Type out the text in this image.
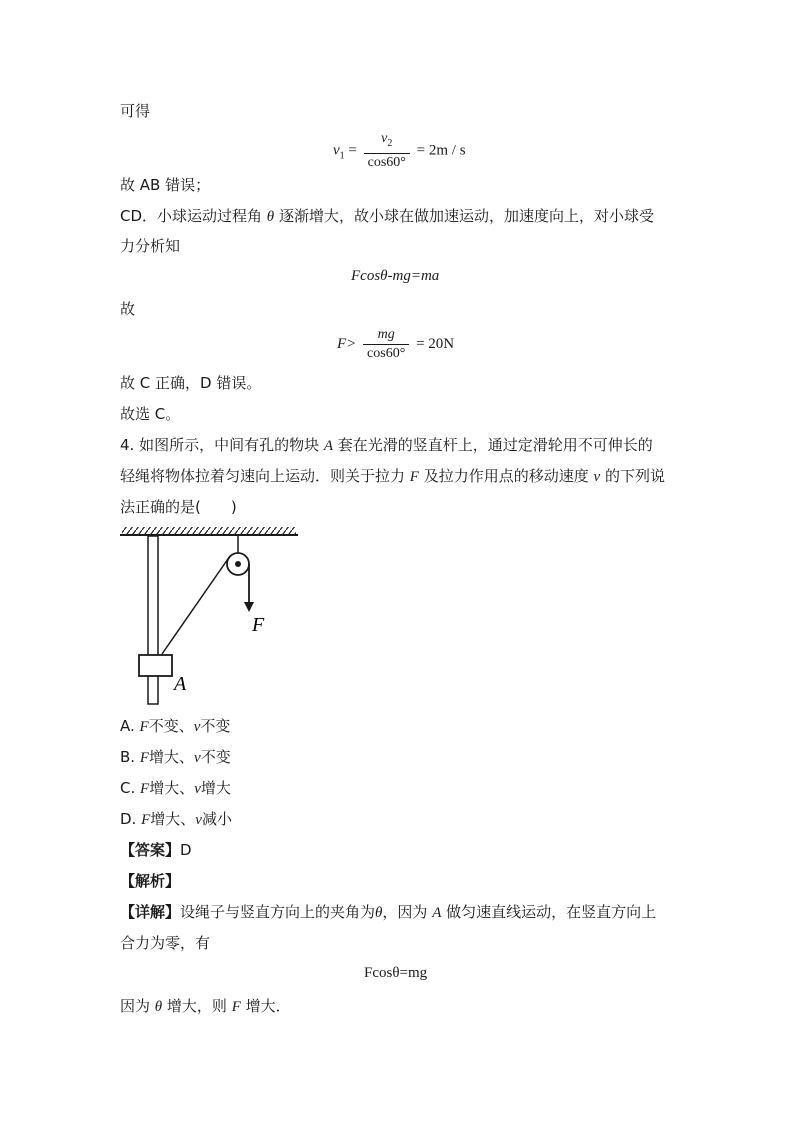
可得
$v_1 = \frac{v_2}{\cos 60^\circ} = 2m / s$
故 AB 错误；
CD．小球运动过程角 θ 逐渐增大，故小球在做加速运动，加速度向上，对小球受
力分析知
Fcosθ-mg=ma
故
$F> \frac{mg}{\cos 60^\circ} = 20N$
故 C 正确，D 错误。
故选 C。
4. 如图所示，中间有孔的物块 A 套在光滑的竖直杆上，通过定滑轮用不可伸长的
轻绳将物体拉着匀速向上运动．则关于拉力 F 及拉力作用点的移动速度 v 的下列说
法正确的是(　　)
F
A
A. F不变、v不变
B. F增大、v不变
C. F增大、v增大
D. F增大、v减小
【答案】D
【解析】
【详解】设绳子与竖直方向上的夹角为θ，因为 A 做匀速直线运动，在竖直方向上
合力为零，有
Fcosθ=mg
因为 θ 增大，则 F 增大．
